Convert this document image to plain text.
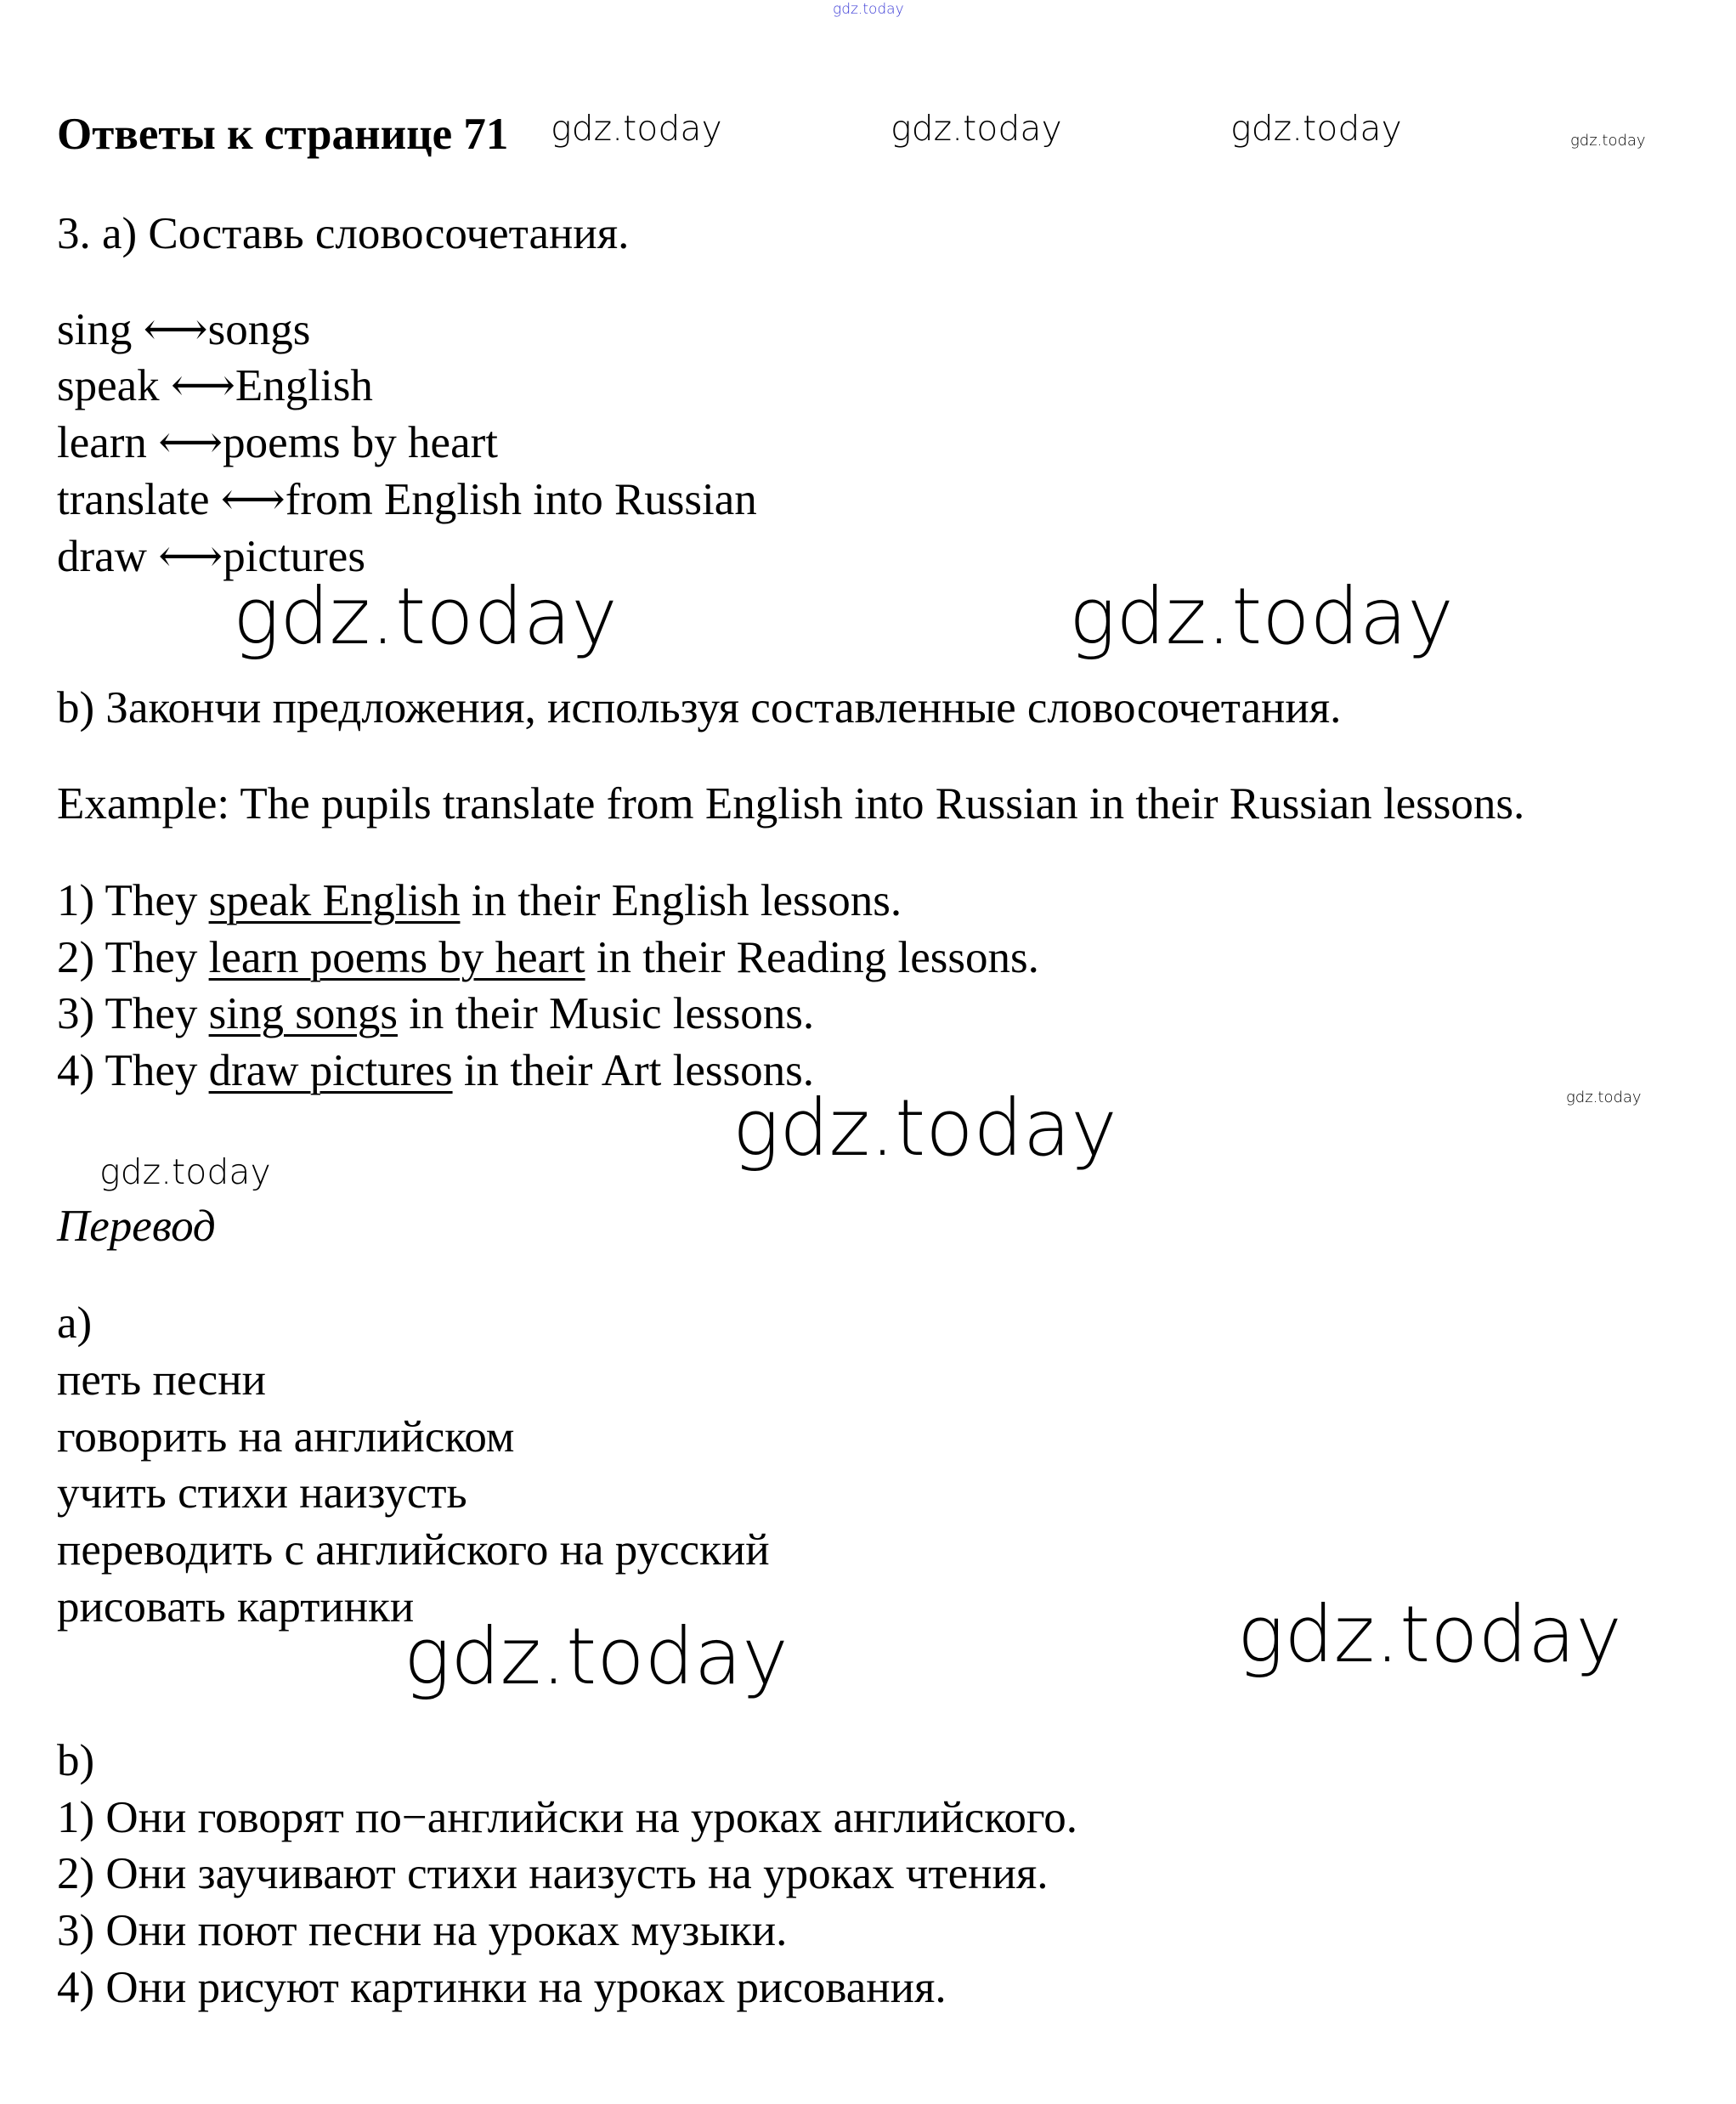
gdz.today
Ответы к странице 71 gdz.today	gdz.today	gdz.today	gdz.today
3. а) Составь словосочетания.
sing ⟷songs
speak ⟷English
learn ⟷poems by heart
translate ⟷from English into Russian
draw ⟷pictures
gdz.today	gdz.today
b) Закончи предложения, используя составленные словосочетания.
Example: The pupils translate from English into Russian in their Russian lessons.
1) They speak English in their English lessons.
2) They learn poems by heart in their Reading lessons.
3) They sing songs in their Music lessons.
4) They draw pictures in their Art lessons.
gdz.today
gdz.today
gdz.today
Перевод
а)
петь песни
говорить на английском
учить стихи наизусть
переводить с английского на русский
рисовать картинки	gdz.today
gdz.today
b)
1) Они говорят по−английски на уроках английского.
2) Они заучивают стихи наизусть на уроках чтения.
3) Они поют песни на уроках музыки.
4) Они рисуют картинки на уроках рисования.
